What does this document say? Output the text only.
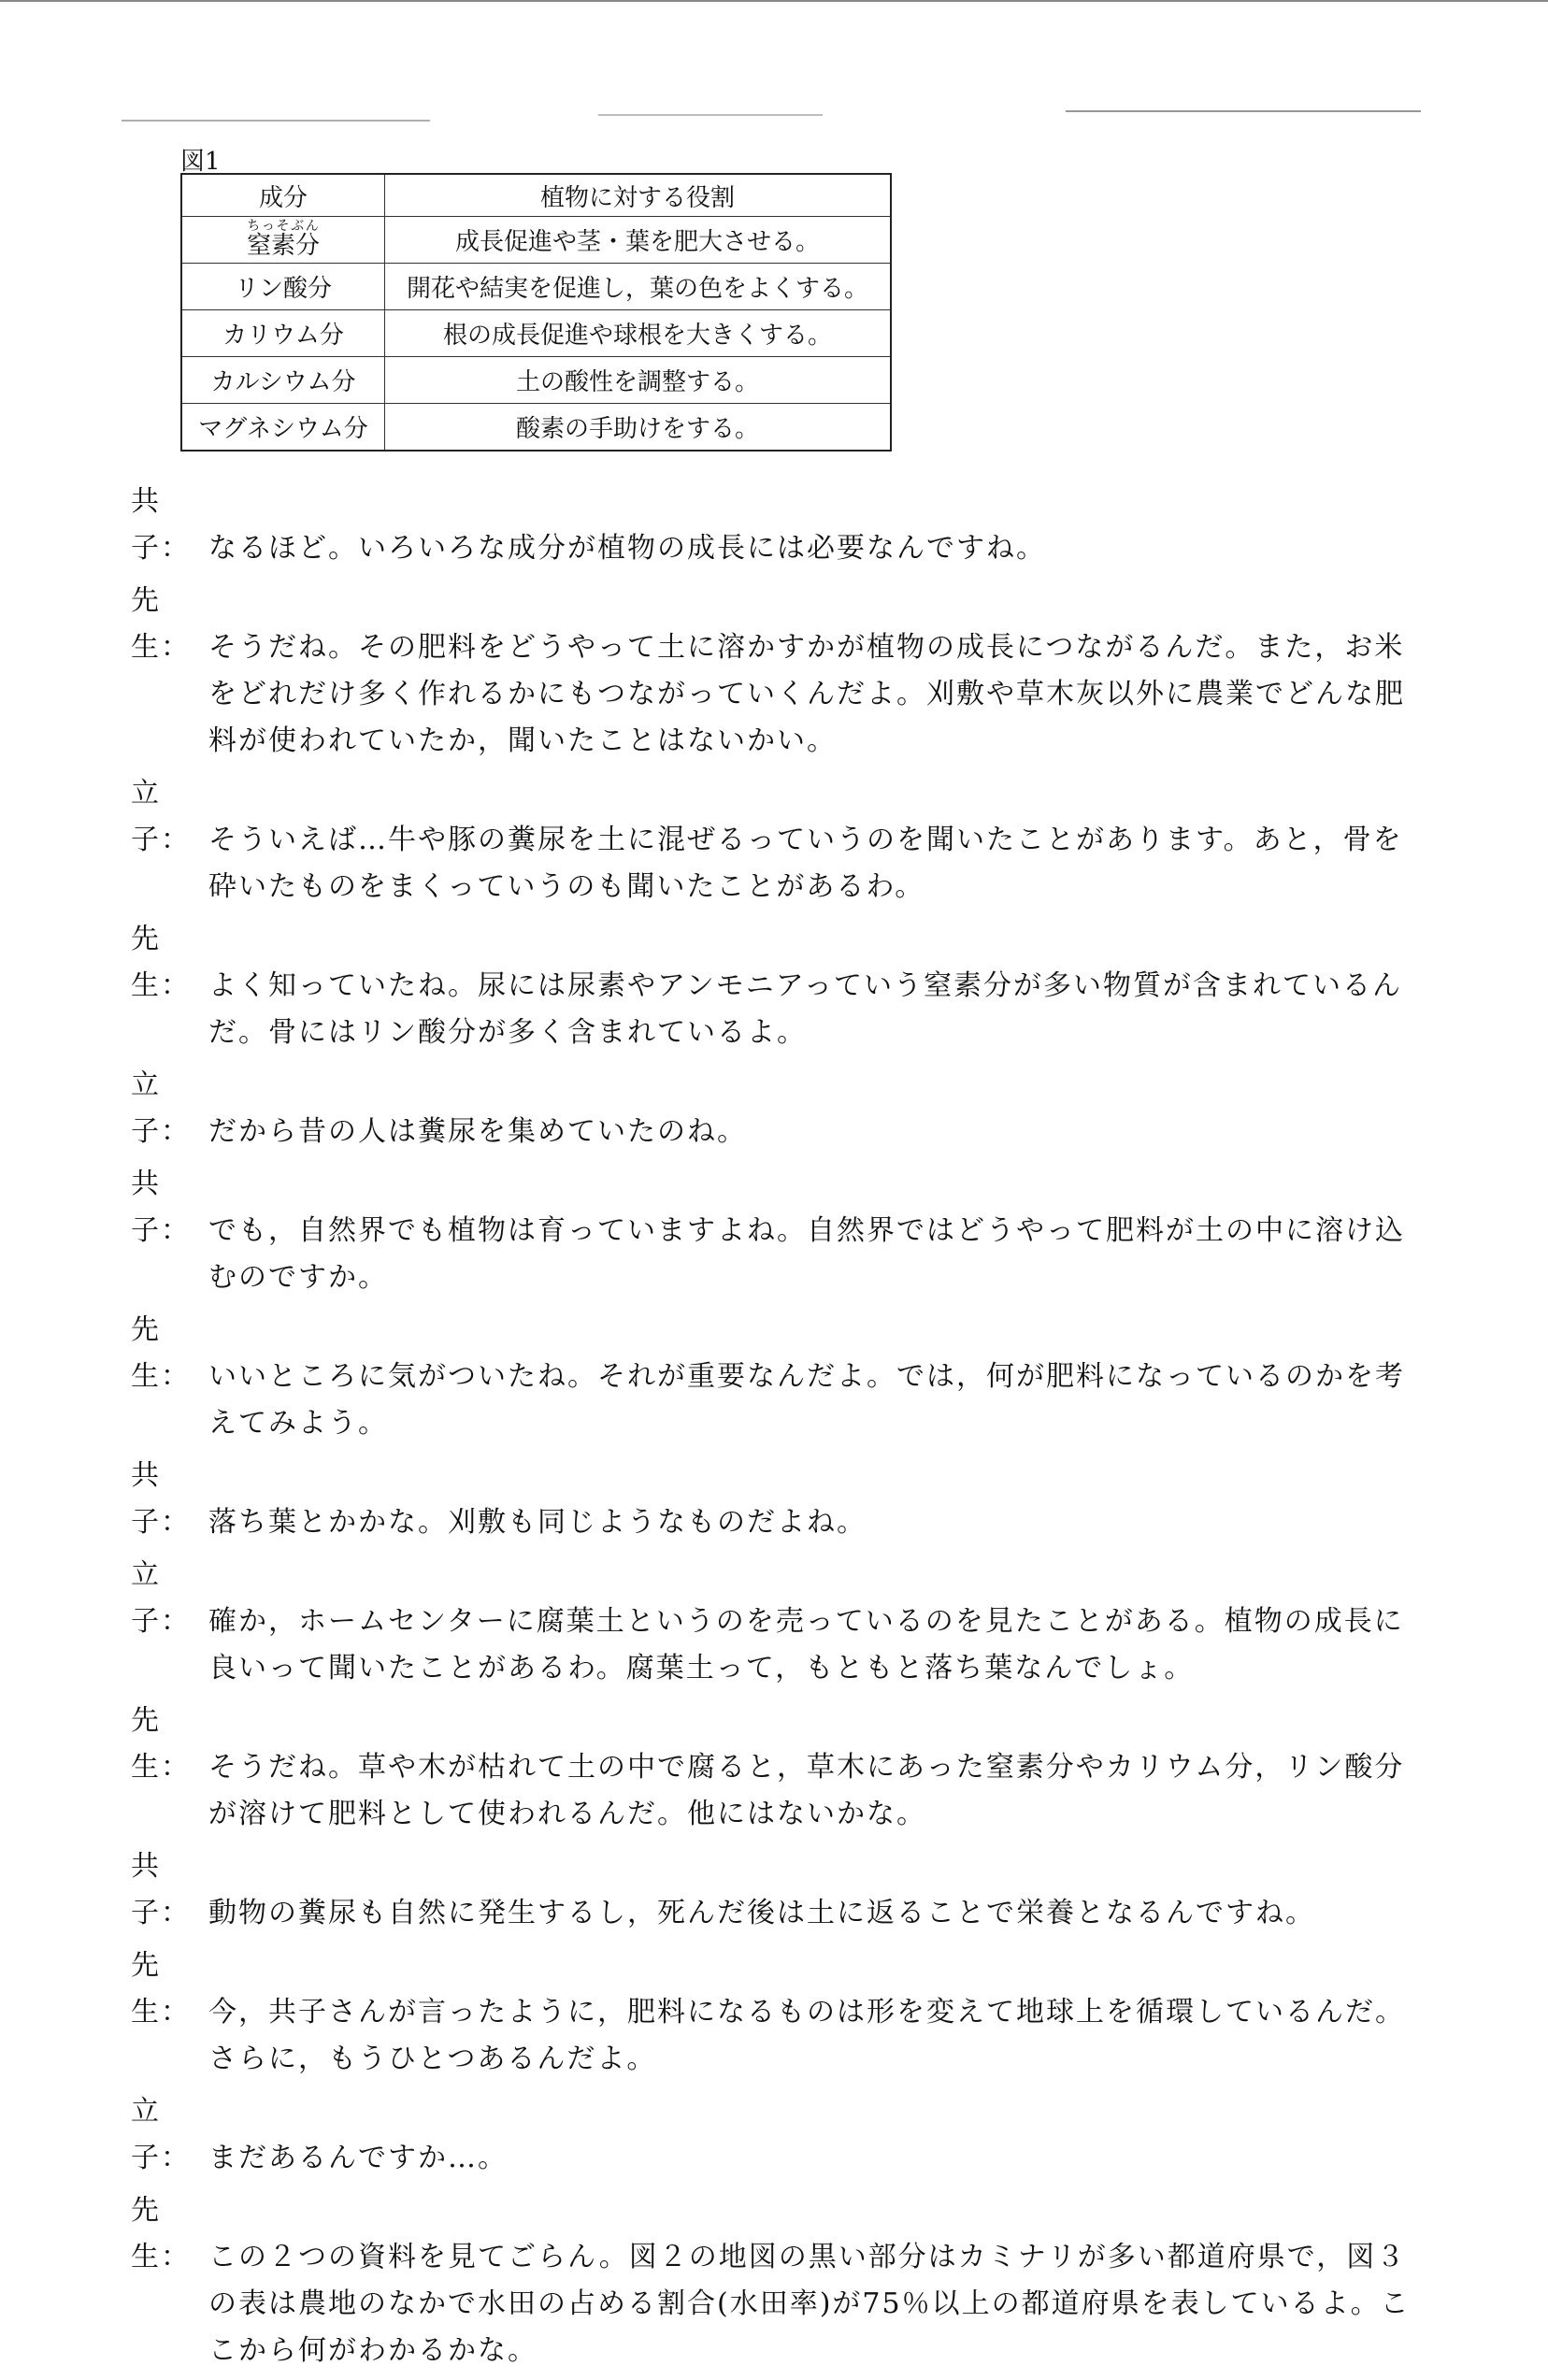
図1
成分	植物に対する役割
窒素分ちっそぶん	成長促進や茎・葉を肥大させる。
リン酸分	開花や結実を促進し，葉の色をよくする。
カリウム分	根の成長促進や球根を大きくする。
カルシウム分	土の酸性を調整する。
マグネシウム分	酸素の手助けをする。
共子： なるほど。いろいろな成分が植物の成長には必要なんですね。
先生： そうだね。その肥料をどうやって土に溶かすかが植物の成長につながるんだ。また，お米をどれだけ多く作れるかにもつながっていくんだよ。刈敷や草木灰以外に農業でどんな肥料が使われていたか，聞いたことはないかい。
立子： そういえば…牛や豚の糞尿を土に混ぜるっていうのを聞いたことがあります。あと，骨を砕いたものをまくっていうのも聞いたことがあるわ。
先生： よく知っていたね。尿には尿素やアンモニアっていう窒素分が多い物質が含まれているんだ。骨にはリン酸分が多く含まれているよ。
立子： だから昔の人は糞尿を集めていたのね。
共子： でも，自然界でも植物は育っていますよね。自然界ではどうやって肥料が土の中に溶け込むのですか。
先生： いいところに気がついたね。それが重要なんだよ。では，何が肥料になっているのかを考えてみよう。
共子： 落ち葉とかかな。刈敷も同じようなものだよね。
立子： 確か，ホームセンターに腐葉土というのを売っているのを見たことがある。植物の成長に良いって聞いたことがあるわ。腐葉土って，もともと落ち葉なんでしょ。
先生： そうだね。草や木が枯れて土の中で腐ると，草木にあった窒素分やカリウム分，リン酸分が溶けて肥料として使われるんだ。他にはないかな。
共子： 動物の糞尿も自然に発生するし，死んだ後は土に返ることで栄養となるんですね。
先生： 今，共子さんが言ったように，肥料になるものは形を変えて地球上を循環しているんだ。さらに，もうひとつあるんだよ。
立子： まだあるんですか…。
先生： この２つの資料を見てごらん。図２の地図の黒い部分はカミナリが多い都道府県で，図３の表は農地のなかで水田の占める割合(水田率)が75％以上の都道府県を表しているよ。ここから何がわかるかな。
